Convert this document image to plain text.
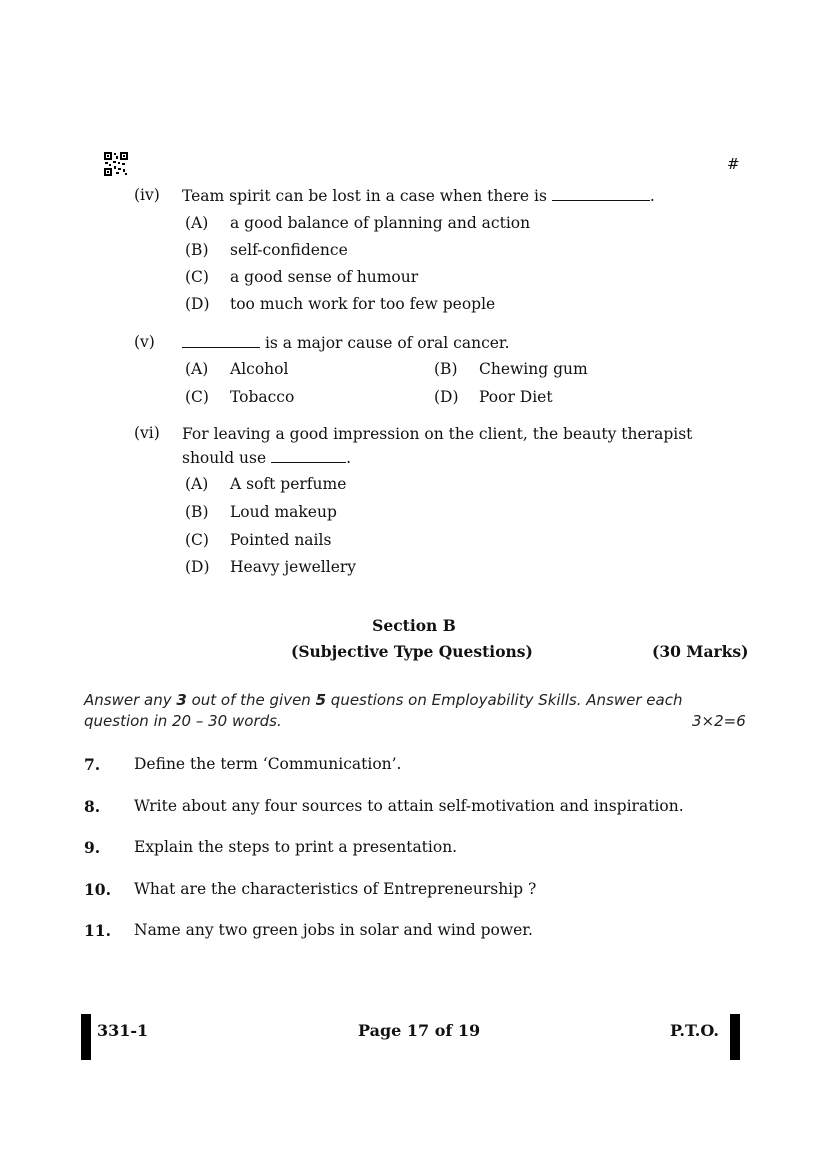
#
(iv) Team spirit can be lost in a case when there is	.
(A) a good balance of planning and action
(B) self-confidence
(C) a good sense of humour
(D) too much work for too few people
(v)	is a major cause of oral cancer.
(A) Alcohol	(B) Chewing gum
(C) Tobacco	(D) Poor Diet
(vi) For leaving a good impression on the client, the beauty therapist
should use	.
(A) A soft perfume
(B) Loud makeup
(C) Pointed nails
(D) Heavy jewellery
Section B
(Subjective Type Questions)	(30 Marks)
Answer any 3 out of the given 5 questions on Employability Skills. Answer each
question in 20 – 30 words.	3×2=6
7. Define the term ‘Communication’.
8. Write about any four sources to attain self-motivation and inspiration.
9. Explain the steps to print a presentation.
10. What are the characteristics of Entrepreneurship ?
11. Name any two green jobs in solar and wind power.
331-1	Page 17 of 19	P.T.O.
